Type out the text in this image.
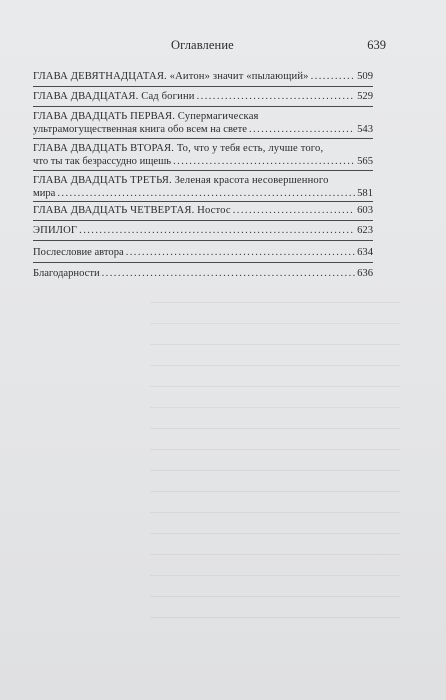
Оглавление	639
ГЛАВА ДЕВЯТНАДЦАТАЯ. «Аитон» значит «пылающий» .....	509
ГЛАВА ДВАДЦАТАЯ. Сад богини .....	529
ГЛАВА ДВАДЦАТЬ ПЕРВАЯ. Супермагическая
ультрамогущественная книга обо всем на свете .....	543
ГЛАВА ДВАДЦАТЬ ВТОРАЯ. То, что у тебя есть, лучше того,
что ты так безрассудно ищешь .....	565
ГЛАВА ДВАДЦАТЬ ТРЕТЬЯ. Зеленая красота несовершенного
мира .....	581
ГЛАВА ДВАДЦАТЬ ЧЕТВЕРТАЯ. Ностос .....	603
ЭПИЛОГ .....	623
Послесловие автора .....	634
Благодарности .....	636
